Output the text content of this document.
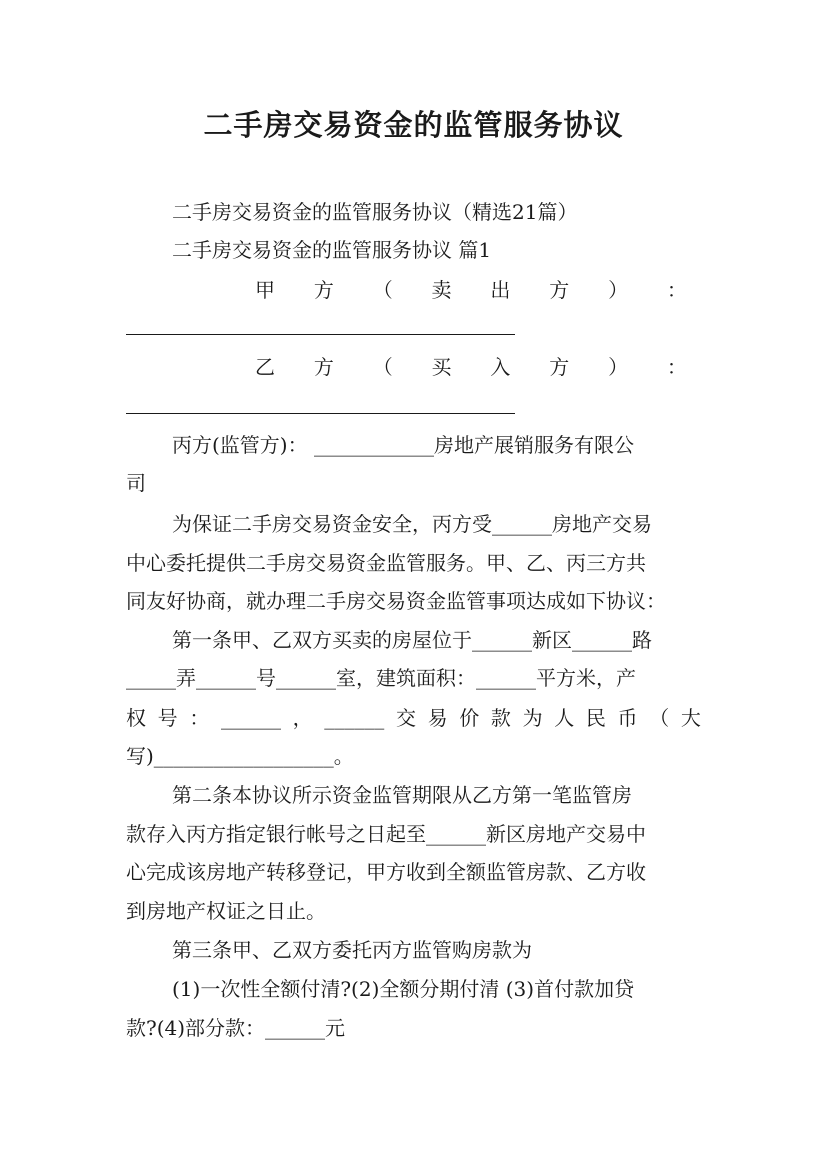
二手房交易资金的监管服务协议
二手房交易资金的监管服务协议（精选21篇）
二手房交易资金的监管服务协议 篇1
甲 方 （ 卖 出 方 ） ：
乙 方 （ 买 入 方 ） ：
丙方(监管方)： ____________房地产展销服务有限公
司
为保证二手房交易资金安全，丙方受______房地产交易
中心委托提供二手房交易资金监管服务。甲、乙、丙三方共
同友好协商，就办理二手房交易资金监管事项达成如下协议：
第一条甲、乙双方买卖的房屋位于______新区______路
_____弄______号______室，建筑面积：______平方米，产
权 号 ： ______ ， ______ 交 易 价 款 为 人 民 币 （ 大
写)__________________。
第二条本协议所示资金监管期限从乙方第一笔监管房
款存入丙方指定银行帐号之日起至______新区房地产交易中
心完成该房地产转移登记，甲方收到全额监管房款、乙方收
到房地产权证之日止。
第三条甲、乙双方委托丙方监管购房款为
(1)一次性全额付清?(2)全额分期付清 (3)首付款加贷
款?(4)部分款：______元
